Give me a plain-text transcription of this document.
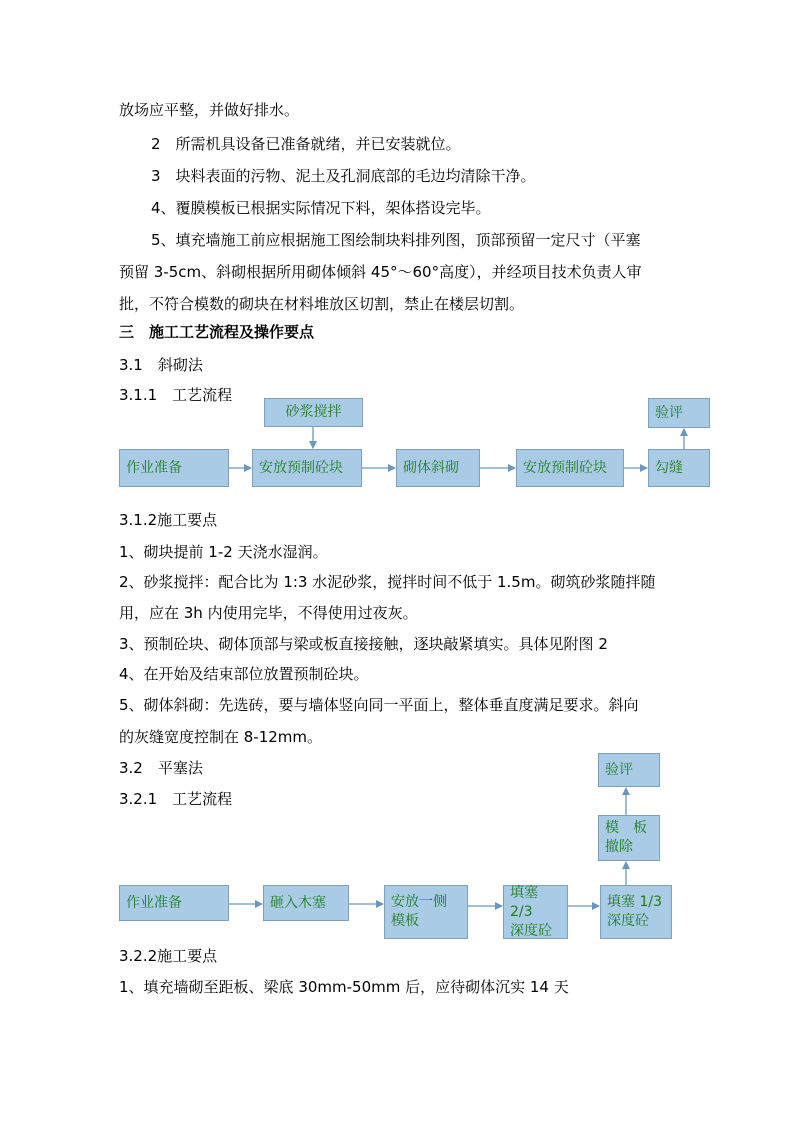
放场应平整，并做好排水。
2　所需机具设备已准备就绪，并已安装就位。
3　块料表面的污物、泥土及孔洞底部的毛边均清除干净。
4、覆膜模板已根据实际情况下料，架体搭设完毕。
5、填充墙施工前应根据施工图绘制块料排列图，顶部预留一定尺寸（平塞
预留 3-5cm、斜砌根据所用砌体倾斜 45°～60°高度），并经项目技术负责人审
批，不符合模数的砌块在材料堆放区切割，禁止在楼层切割。
三　施工工艺流程及操作要点
3.1　斜砌法
3.1.1　工艺流程
砂浆搅拌
作业准备	安放预制砼块	砌体斜砌	安放预制砼块	勾缝
验评
3.1.2施工要点
1、砌块提前 1-2 天浇水湿润。
2、砂浆搅拌：配合比为 1:3 水泥砂浆，搅拌时间不低于 1.5m。砌筑砂浆随拌随
用，应在 3h 内使用完毕，不得使用过夜灰。
3、预制砼块、砌体顶部与梁或板直接接触，逐块敲紧填实。具体见附图 2
4、在开始及结束部位放置预制砼块。
5、砌体斜砌：先选砖，要与墙体竖向同一平面上，整体垂直度满足要求。斜向
的灰缝宽度控制在 8-12mm。
3.2　平塞法
3.2.1　工艺流程
验评
模　板
撤除
作业准备	砸入木塞	安放一侧
模板
填塞 2/3
深度砼
填塞 1/3
深度砼
3.2.2施工要点
1、填充墙砌至距板、梁底 30mm-50mm 后，应待砌体沉实 14 天
